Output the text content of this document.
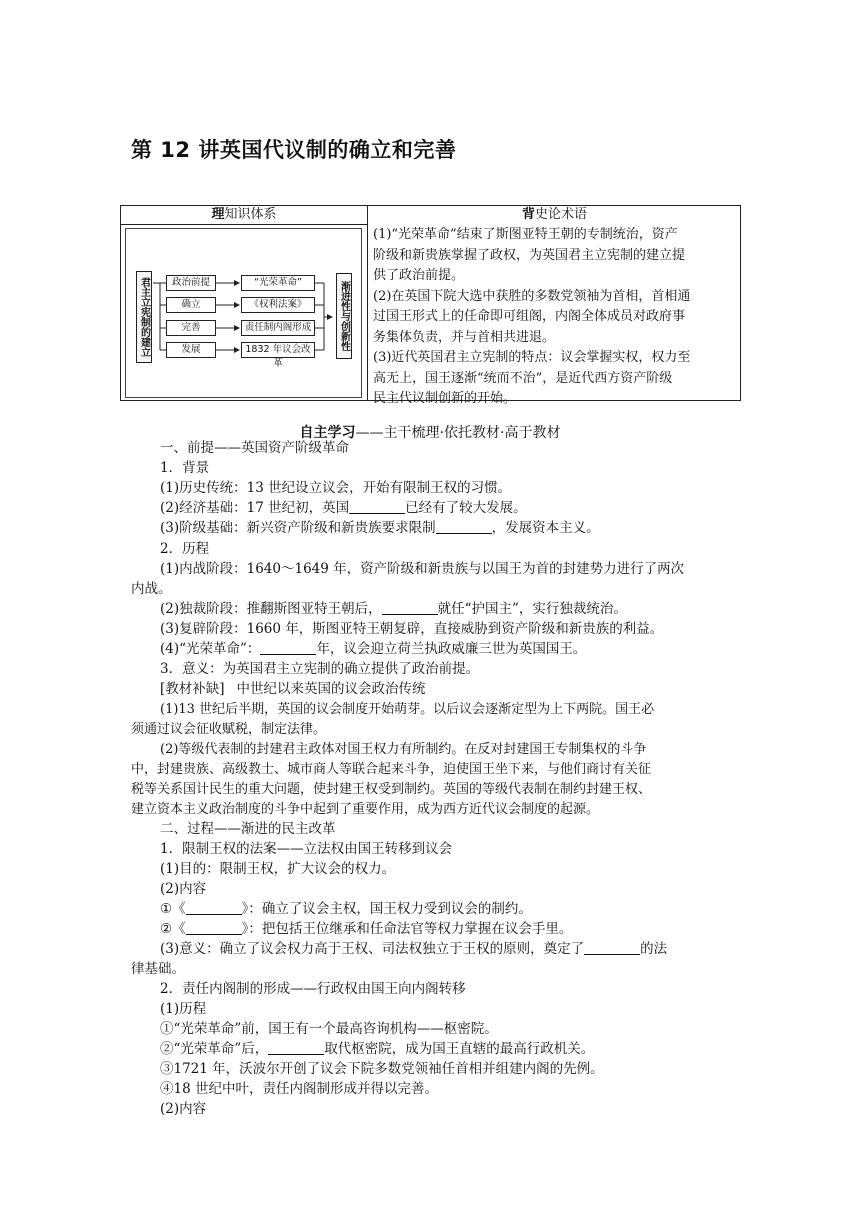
第 12 讲英国代议制的确立和完善
理知识体系	背史论术语
君主立宪制的建立	渐进性与创新性
政治前提
确立
完善
发展
“光荣革命”
《权利法案》
责任制内阁形成
1832 年议会改革

(1)“光荣革命”结束了斯图亚特王朝的专制统治，资产

阶级和新贵族掌握了政权，为英国君主立宪制的建立提

供了政治前提。

(2)在英国下院大选中获胜的多数党领袖为首相，首相通

过国王形式上的任命即可组阁，内阁全体成员对政府事

务集体负责，并与首相共进退。

(3)近代英国君主立宪制的特点：议会掌握实权，权力至

高无上，国王逐渐“统而不治”，是近代西方资产阶级

民主代议制创新的开始。

自主学习——主干梳理·依托教材·高于教材
一、前提——英国资产阶级革命
1．背景
(1)历史传统：13 世纪设立议会，开始有限制王权的习惯。
(2)经济基础：17 世纪初，英国	已经有了较大发展。
(3)阶级基础：新兴资产阶级和新贵族要求限制	，发展资本主义。
2．历程
(1)内战阶段：1640～1649 年，资产阶级和新贵族与以国王为首的封建势力进行了两次
内战。
(2)独裁阶段：推翻斯图亚特王朝后，	就任“护国主”，实行独裁统治。
(3)复辟阶段：1660 年，斯图亚特王朝复辟，直接威胁到资产阶级和新贵族的利益。
(4)“光荣革命”：	年，议会迎立荷兰执政威廉三世为英国国王。
3．意义：为英国君主立宪制的确立提供了政治前提。
[教材补缺] 中世纪以来英国的议会政治传统
(1)13 世纪后半期，英国的议会制度开始萌芽。以后议会逐渐定型为上下两院。国王必
须通过议会征收赋税，制定法律。
(2)等级代表制的封建君主政体对国王权力有所制约。在反对封建国王专制集权的斗争
中，封建贵族、高级教士、城市商人等联合起来斗争，迫使国王坐下来，与他们商讨有关征
税等关系国计民生的重大问题，使封建王权受到制约。英国的等级代表制在制约封建王权、
建立资本主义政治制度的斗争中起到了重要作用，成为西方近代议会制度的起源。
二、过程——渐进的民主改革
1．限制王权的法案——立法权由国王转移到议会
(1)目的：限制王权，扩大议会的权力。
(2)内容
①《	》：确立了议会主权，国王权力受到议会的制约。
②《	》：把包括王位继承和任命法官等权力掌握在议会手里。
(3)意义：确立了议会权力高于王权、司法权独立于王权的原则，奠定了	的法
律基础。
2．责任内阁制的形成——行政权由国王向内阁转移
(1)历程
①“光荣革命”前，国王有一个最高咨询机构——枢密院。
②“光荣革命”后，	取代枢密院，成为国王直辖的最高行政机关。
③1721 年，沃波尔开创了议会下院多数党领袖任首相并组建内阁的先例。
④18 世纪中叶，责任内阁制形成并得以完善。
(2)内容
